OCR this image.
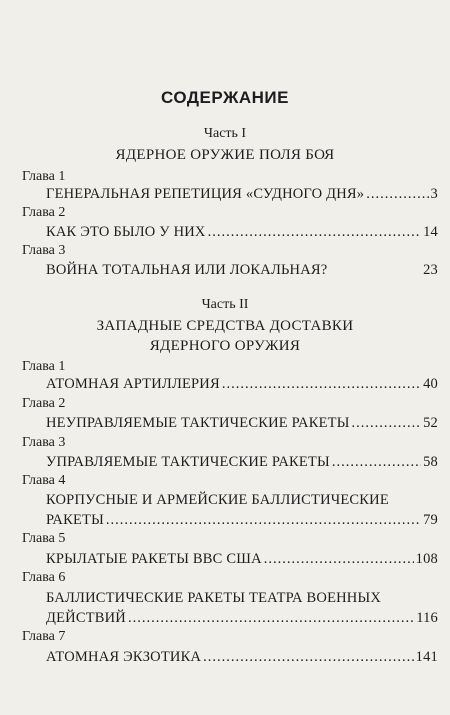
СОДЕРЖАНИЕ
Часть I
ЯДЕРНОЕ ОРУЖИЕ ПОЛЯ БОЯ
Глава 1
ГЕНЕРАЛЬНАЯ РЕПЕТИЦИЯ «СУДНОГО ДНЯ» .....	3
Глава 2
КАК ЭТО БЫЛО У НИХ .....	14
Глава 3
ВОЙНА ТОТАЛЬНАЯ ИЛИ ЛОКАЛЬНАЯ?	23
Часть II
ЗАПАДНЫЕ СРЕДСТВА ДОСТАВКИ
ЯДЕРНОГО ОРУЖИЯ
Глава 1
АТОМНАЯ АРТИЛЛЕРИЯ .....	40
Глава 2
НЕУПРАВЛЯЕМЫЕ ТАКТИЧЕСКИЕ РАКЕТЫ .....	52
Глава 3
УПРАВЛЯЕМЫЕ ТАКТИЧЕСКИЕ РАКЕТЫ .....	58
Глава 4
КОРПУСНЫЕ И АРМЕЙСКИЕ БАЛЛИСТИЧЕСКИЕ
РАКЕТЫ .....	79
Глава 5
КРЫЛАТЫЕ РАКЕТЫ ВВС США .....	108
Глава 6
БАЛЛИСТИЧЕСКИЕ РАКЕТЫ ТЕАТРА ВОЕННЫХ
ДЕЙСТВИЙ .....	116
Глава 7
АТОМНАЯ ЭКЗОТИКА .....	141
